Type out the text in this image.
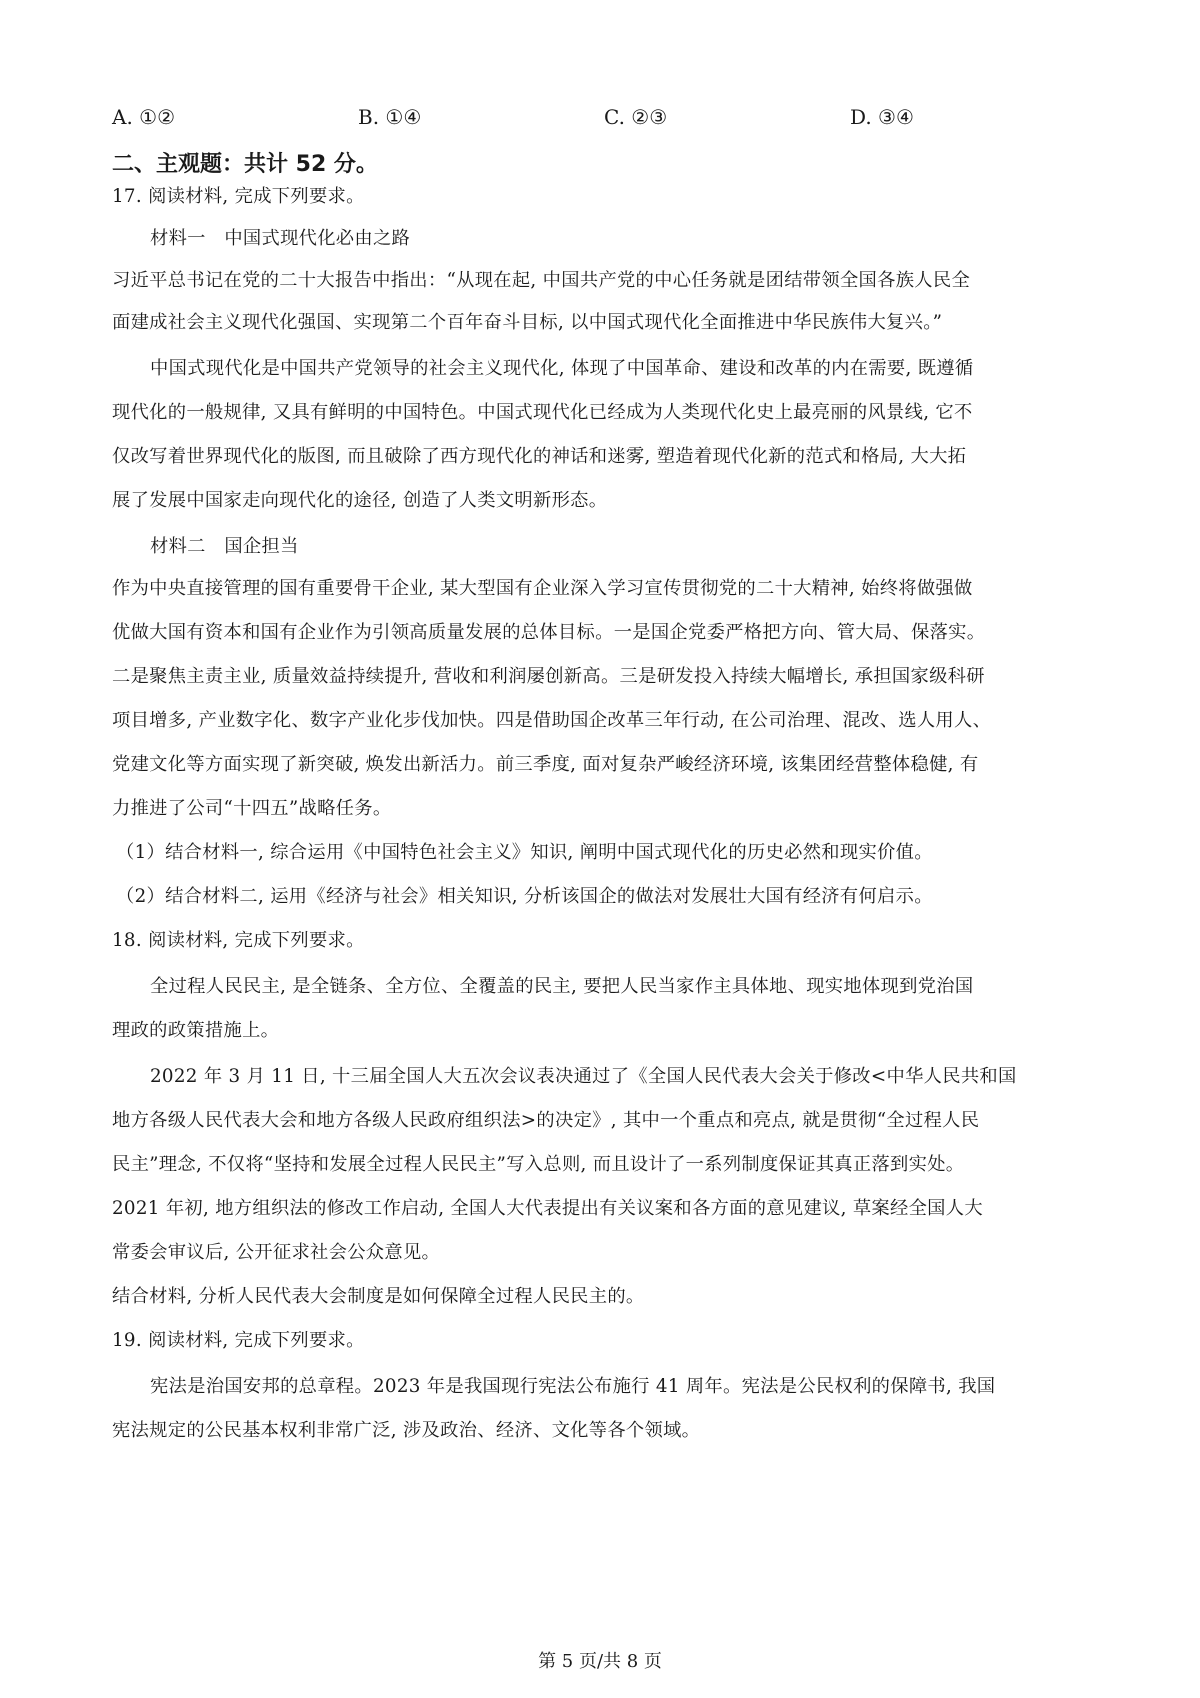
A. ①②	B. ①④	C. ②③	D. ③④
二、主观题：共计 52 分。
17. 阅读材料, 完成下列要求。
材料一　中国式现代化必由之路
习近平总书记在党的二十大报告中指出：“从现在起, 中国共产党的中心任务就是团结带领全国各族人民全
面建成社会主义现代化强国、实现第二个百年奋斗目标, 以中国式现代化全面推进中华民族伟大复兴。”
中国式现代化是中国共产党领导的社会主义现代化, 体现了中国革命、建设和改革的内在需要, 既遵循
现代化的一般规律, 又具有鲜明的中国特色。中国式现代化已经成为人类现代化史上最亮丽的风景线, 它不
仅改写着世界现代化的版图, 而且破除了西方现代化的神话和迷雾, 塑造着现代化新的范式和格局, 大大拓
展了发展中国家走向现代化的途径, 创造了人类文明新形态。
材料二　国企担当
作为中央直接管理的国有重要骨干企业, 某大型国有企业深入学习宣传贯彻党的二十大精神, 始终将做强做
优做大国有资本和国有企业作为引领高质量发展的总体目标。一是国企党委严格把方向、管大局、保落实。
二是聚焦主责主业, 质量效益持续提升, 营收和利润屡创新高。三是研发投入持续大幅增长, 承担国家级科研
项目增多, 产业数字化、数字产业化步伐加快。四是借助国企改革三年行动, 在公司治理、混改、选人用人、
党建文化等方面实现了新突破, 焕发出新活力。前三季度, 面对复杂严峻经济环境, 该集团经营整体稳健, 有
力推进了公司“十四五”战略任务。
（1）结合材料一, 综合运用《中国特色社会主义》知识, 阐明中国式现代化的历史必然和现实价值。
（2）结合材料二, 运用《经济与社会》相关知识, 分析该国企的做法对发展壮大国有经济有何启示。
18. 阅读材料, 完成下列要求。
全过程人民民主, 是全链条、全方位、全覆盖的民主, 要把人民当家作主具体地、现实地体现到党治国
理政的政策措施上。
2022 年 3 月 11 日, 十三届全国人大五次会议表决通过了《全国人民代表大会关于修改<中华人民共和国
地方各级人民代表大会和地方各级人民政府组织法>的决定》, 其中一个重点和亮点, 就是贯彻“全过程人民
民主”理念, 不仅将“坚持和发展全过程人民民主”写入总则, 而且设计了一系列制度保证其真正落到实处。
2021 年初, 地方组织法的修改工作启动, 全国人大代表提出有关议案和各方面的意见建议, 草案经全国人大
常委会审议后, 公开征求社会公众意见。
结合材料, 分析人民代表大会制度是如何保障全过程人民民主的。
19. 阅读材料, 完成下列要求。
宪法是治国安邦的总章程。2023 年是我国现行宪法公布施行 41 周年。宪法是公民权利的保障书, 我国
宪法规定的公民基本权利非常广泛, 涉及政治、经济、文化等各个领域。
第 5 页/共 8 页
